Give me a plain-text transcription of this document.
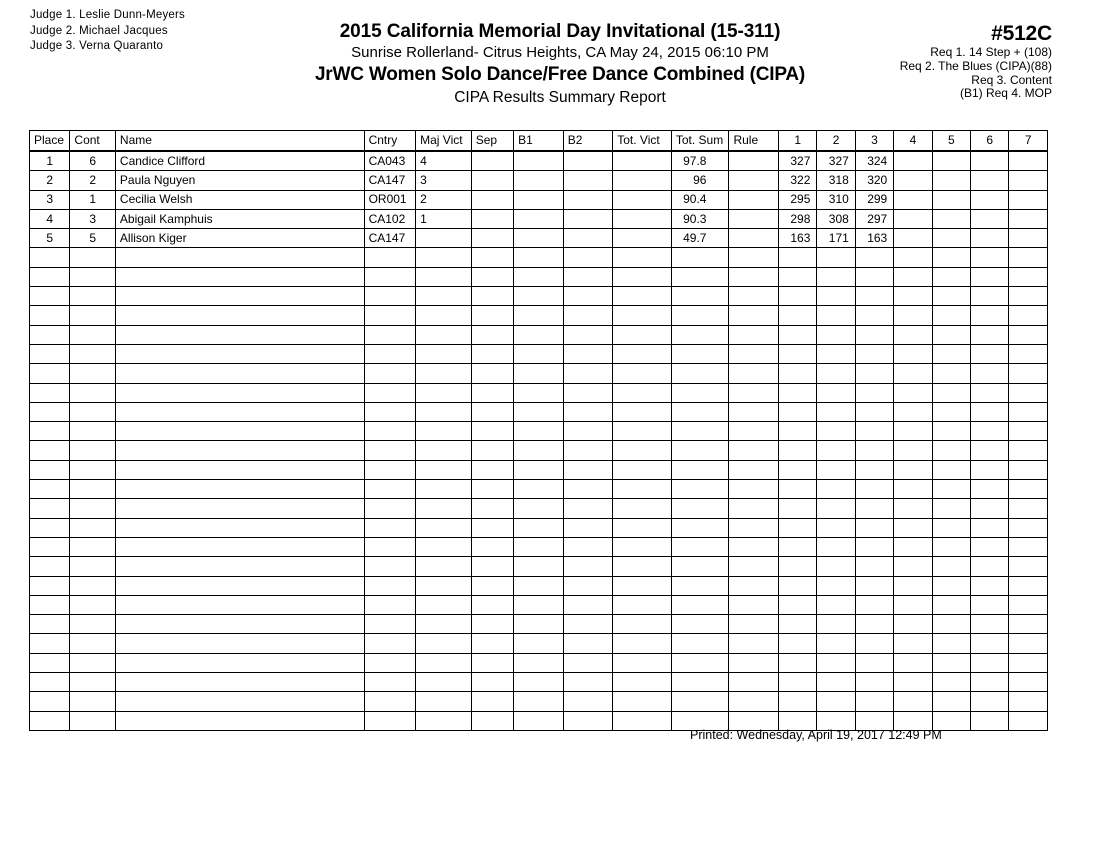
Judge 1. Leslie Dunn-Meyers
Judge 2. Michael Jacques
Judge 3. Verna Quaranto
2015 California Memorial Day Invitational (15-311)
Sunrise Rollerland- Citrus Heights, CA May 24, 2015 06:10 PM
JrWC Women Solo Dance/Free Dance Combined (CIPA)
CIPA Results Summary Report
#512C
Req 1. 14 Step + (108)
Req 2. The Blues (CIPA)(88)
Req 3. Content
(B1) Req 4. MOP
Place	Cont	Name	Cntry	Maj Vict	Sep	B1	B2	Tot. Vict	Tot. Sum	Rule	1	2	3	4	5	6	7
1	6	Candice Clifford	CA043	4					97.8		327	327	324				
2	2	Paula Nguyen	CA147	3					96		322	318	320				
3	1	Cecilia Welsh	OR001	2					90.4		295	310	299				
4	3	Abigail Kamphuis	CA102	1					90.3		298	308	297				
5	5	Allison Kiger	CA147						49.7		163	171	163				

Printed: Wednesday, April 19, 2017 12:49 PM
